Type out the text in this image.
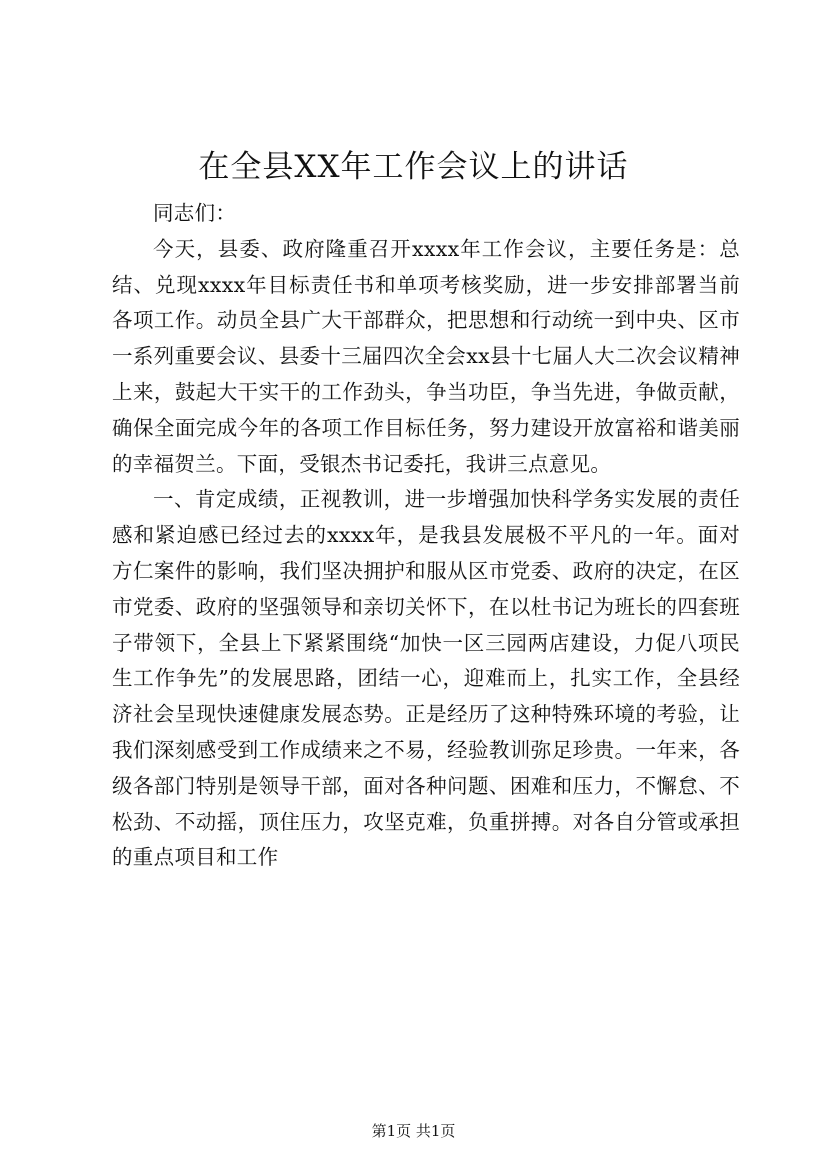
在全县XX年工作会议上的讲话

同志们：

今天，县委、政府隆重召开xxxx年工作会议，主要任务是：总结、兑现xxxx年目标责任书和单项考核奖励，进一步安排部署当前各项工作。动员全县广大干部群众，把思想和行动统一到中央、区市一系列重要会议、县委十三届四次全会xx县十七届人大二次会议精神上来，鼓起大干实干的工作劲头，争当功臣，争当先进，争做贡献，确保全面完成今年的各项工作目标任务，努力建设开放富裕和谐美丽的幸福贺兰。下面，受银杰书记委托，我讲三点意见。

一、肯定成绩，正视教训，进一步增强加快科学务实发展的责任感和紧迫感已经过去的xxxx年，是我县发展极不平凡的一年。面对方仁案件的影响，我们坚决拥护和服从区市党委、政府的决定，在区市党委、政府的坚强领导和亲切关怀下，在以杜书记为班长的四套班子带领下，全县上下紧紧围绕“加快一区三园两店建设，力促八项民生工作争先”的发展思路，团结一心，迎难而上，扎实工作，全县经济社会呈现快速健康发展态势。正是经历了这种特殊环境的考验，让我们深刻感受到工作成绩来之不易，经验教训弥足珍贵。一年来，各级各部门特别是领导干部，面对各种问题、困难和压力，不懈怠、不松劲、不动摇，顶住压力，攻坚克难，负重拼搏。对各自分管或承担的重点项目和工作

第1页 共1页
